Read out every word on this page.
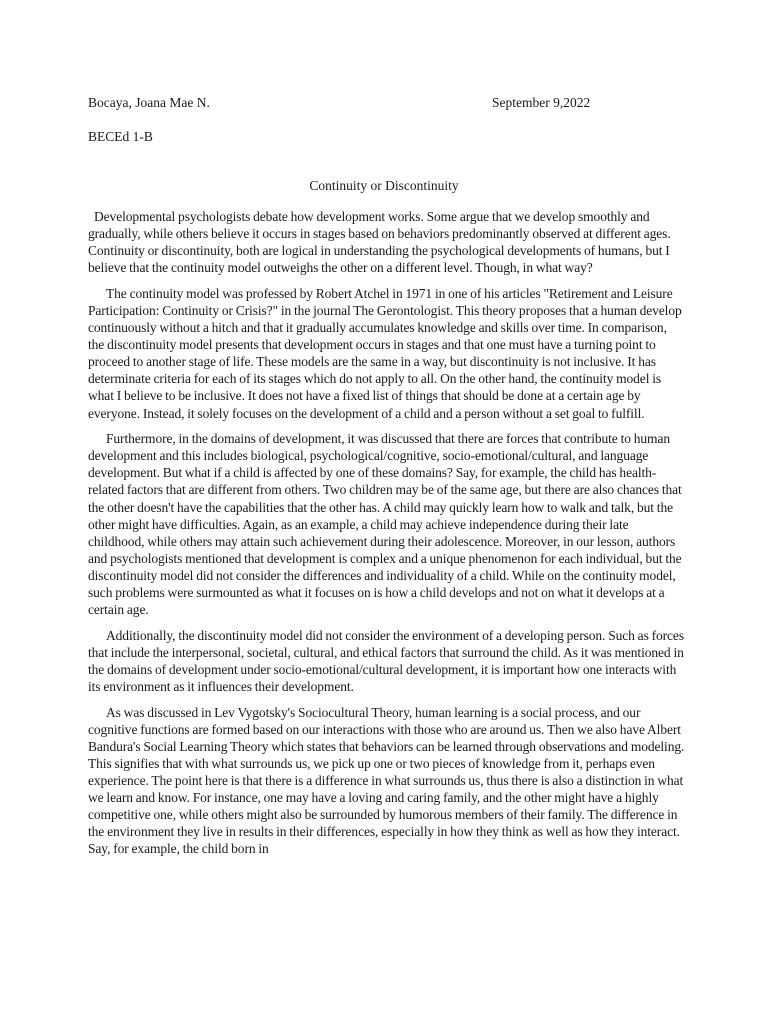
Bocaya, Joana Mae N.	September 9,2022
BECEd 1-B
Continuity or Discontinuity

Developmental psychologists debate how development works. Some argue that we develop smoothly and gradually, while others believe it occurs in stages based on behaviors predominantly observed at different ages. Continuity or discontinuity, both are logical in understanding the psychological developments of humans, but I believe that the continuity model outweighs the other on a different level. Though, in what way?

The continuity model was professed by Robert Atchel in 1971 in one of his articles "Retirement and Leisure Participation: Continuity or Crisis?" in the journal The Gerontologist. This theory proposes that a human develop continuously without a hitch and that it gradually accumulates knowledge and skills over time. In comparison, the discontinuity model presents that development occurs in stages and that one must have a turning point to proceed to another stage of life. These models are the same in a way, but discontinuity is not inclusive. It has determinate criteria for each of its stages which do not apply to all. On the other hand, the continuity model is what I believe to be inclusive. It does not have a fixed list of things that should be done at a certain age by everyone. Instead, it solely focuses on the development of a child and a person without a set goal to fulfill.

Furthermore, in the domains of development, it was discussed that there are forces that contribute to human development and this includes biological, psychological/cognitive, socio-emotional/cultural, and language development. But what if a child is affected by one of these domains? Say, for example, the child has health-related factors that are different from others. Two children may be of the same age, but there are also chances that the other doesn't have the capabilities that the other has. A child may quickly learn how to walk and talk, but the other might have difficulties. Again, as an example, a child may achieve independence during their late childhood, while others may attain such achievement during their adolescence. Moreover, in our lesson, authors and psychologists mentioned that development is complex and a unique phenomenon for each individual, but the discontinuity model did not consider the differences and individuality of a child. While on the continuity model, such problems were surmounted as what it focuses on is how a child develops and not on what it develops at a certain age.

Additionally, the discontinuity model did not consider the environment of a developing person. Such as forces that include the interpersonal, societal, cultural, and ethical factors that surround the child. As it was mentioned in the domains of development under socio-emotional/cultural development, it is important how one interacts with its environment as it influences their development.

As was discussed in Lev Vygotsky's Sociocultural Theory, human learning is a social process, and our cognitive functions are formed based on our interactions with those who are around us. Then we also have Albert Bandura's Social Learning Theory which states that behaviors can be learned through observations and modeling. This signifies that with what surrounds us, we pick up one or two pieces of knowledge from it, perhaps even experience. The point here is that there is a difference in what surrounds us, thus there is also a distinction in what we learn and know. For instance, one may have a loving and caring family, and the other might have a highly competitive one, while others might also be surrounded by humorous members of their family. The difference in the environment they live in results in their differences, especially in how they think as well as how they interact. Say, for example, the child born in
